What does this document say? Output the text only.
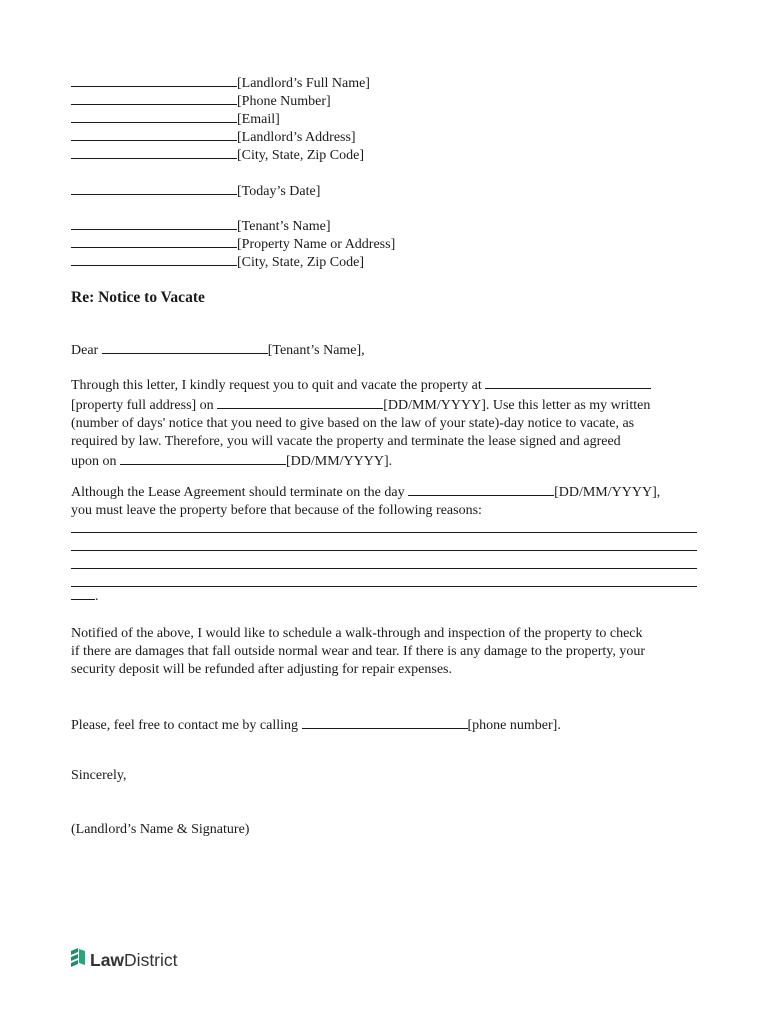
[Landlord’s Full Name]
[Phone Number]
[Email]
[Landlord’s Address]
[City, State, Zip Code]
[Today’s Date]
[Tenant’s Name]
[Property Name or Address]
[City, State, Zip Code]
Re: Notice to Vacate
Dear	[Tenant’s Name],

Through this letter, I kindly request you to quit and vacate the property at

[property full address] on	[DD/MM/YYYY]. Use this letter as my written

(number of days' notice that you need to give based on the law of your state)-day notice to vacate, as

required by law. Therefore, you will vacate the property and terminate the lease signed and agreed

upon on	[DD/MM/YYYY].

Although the Lease Agreement should terminate on the day	[DD/MM/YYYY],

you must leave the property before that because of the following reasons:

.

Notified of the above, I would like to schedule a walk-through and inspection of the property to check

if there are damages that fall outside normal wear and tear. If there is any damage to the property, your

security deposit will be refunded after adjusting for repair expenses.

Please, feel free to contact me by calling	[phone number].
Sincerely,
(Landlord’s Name & Signature)
LawDistrict
